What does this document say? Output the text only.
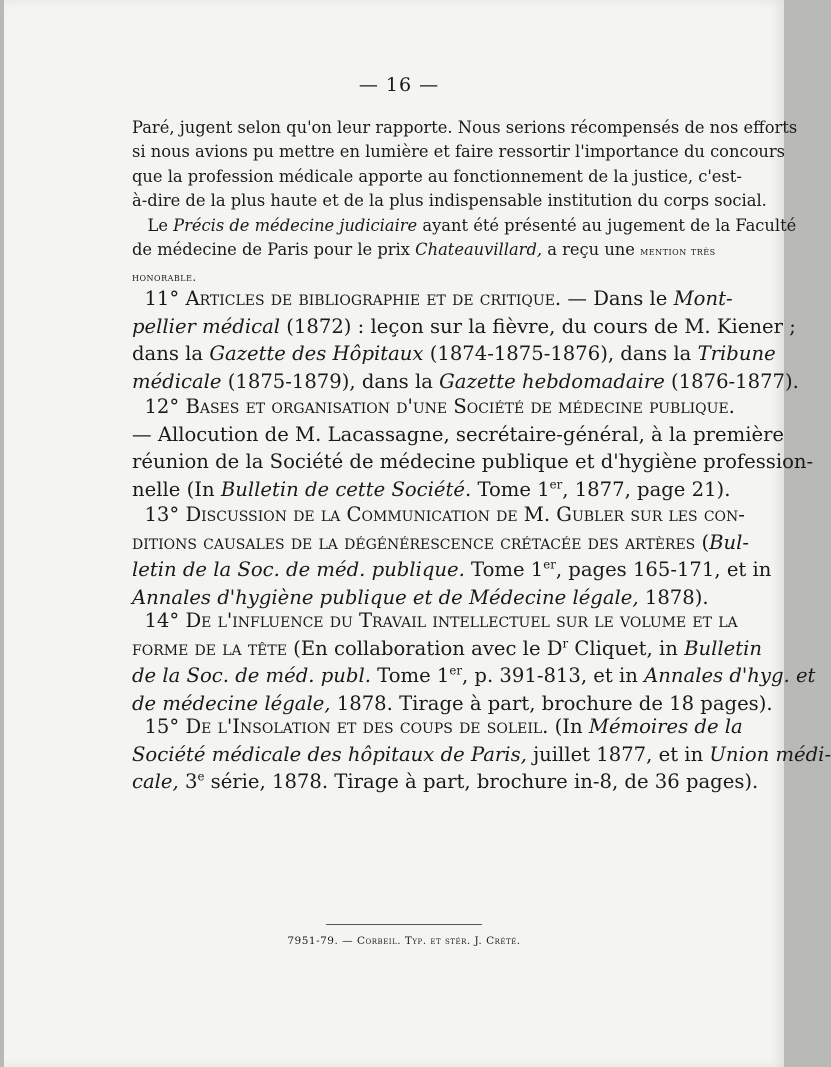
— 16 —
Paré, jugent selon qu'on leur rapporte. Nous serions récompensés de nos efforts
si nous avions pu mettre en lumière et faire ressortir l'importance du concours
que la profession médicale apporte au fonctionnement de la justice, c'est-
à-dire de la plus haute et de la plus indispensable institution du corps social.
Le Précis de médecine judiciaire ayant été présenté au jugement de la Faculté
de médecine de Paris pour le prix Chateauvillard, a reçu une mention très
honorable.
11° Articles de bibliographie et de critique. — Dans le Mont-
pellier médical (1872) : leçon sur la fièvre, du cours de M. Kiener ;
dans la Gazette des Hôpitaux (1874-1875-1876), dans la Tribune
médicale (1875-1879), dans la Gazette hebdomadaire (1876-1877).
12° Bases et organisation d'une Société de médecine publique.
— Allocution de M. Lacassagne, secrétaire-général, à la première
réunion de la Société de médecine publique et d'hygiène profession-
nelle (In Bulletin de cette Société. Tome 1er, 1877, page 21).
13° Discussion de la Communication de M. Gubler sur les con-
ditions causales de la dégénérescence crétacée des artères (Bul-
letin de la Soc. de méd. publique. Tome 1er, pages 165-171, et in
Annales d'hygiène publique et de Médecine légale, 1878).
14° De l'influence du Travail intellectuel sur le volume et la
forme de la tête (En collaboration avec le $D^r$ Cliquet, in Bulletin
de la Soc. de méd. publ. Tome 1er, p. 391-813, et in Annales d'hyg. et
de médecine légale, 1878. Tirage à part, brochure de 18 pages).
15° De l'Insolation et des coups de soleil. (In Mémoires de la
Société médicale des hôpitaux de Paris, juillet 1877, et in Union médi-
cale, 3e série, 1878. Tirage à part, brochure in-8, de 36 pages).
7951-79. — Corbeil. Typ. et stér. J. Crété.
